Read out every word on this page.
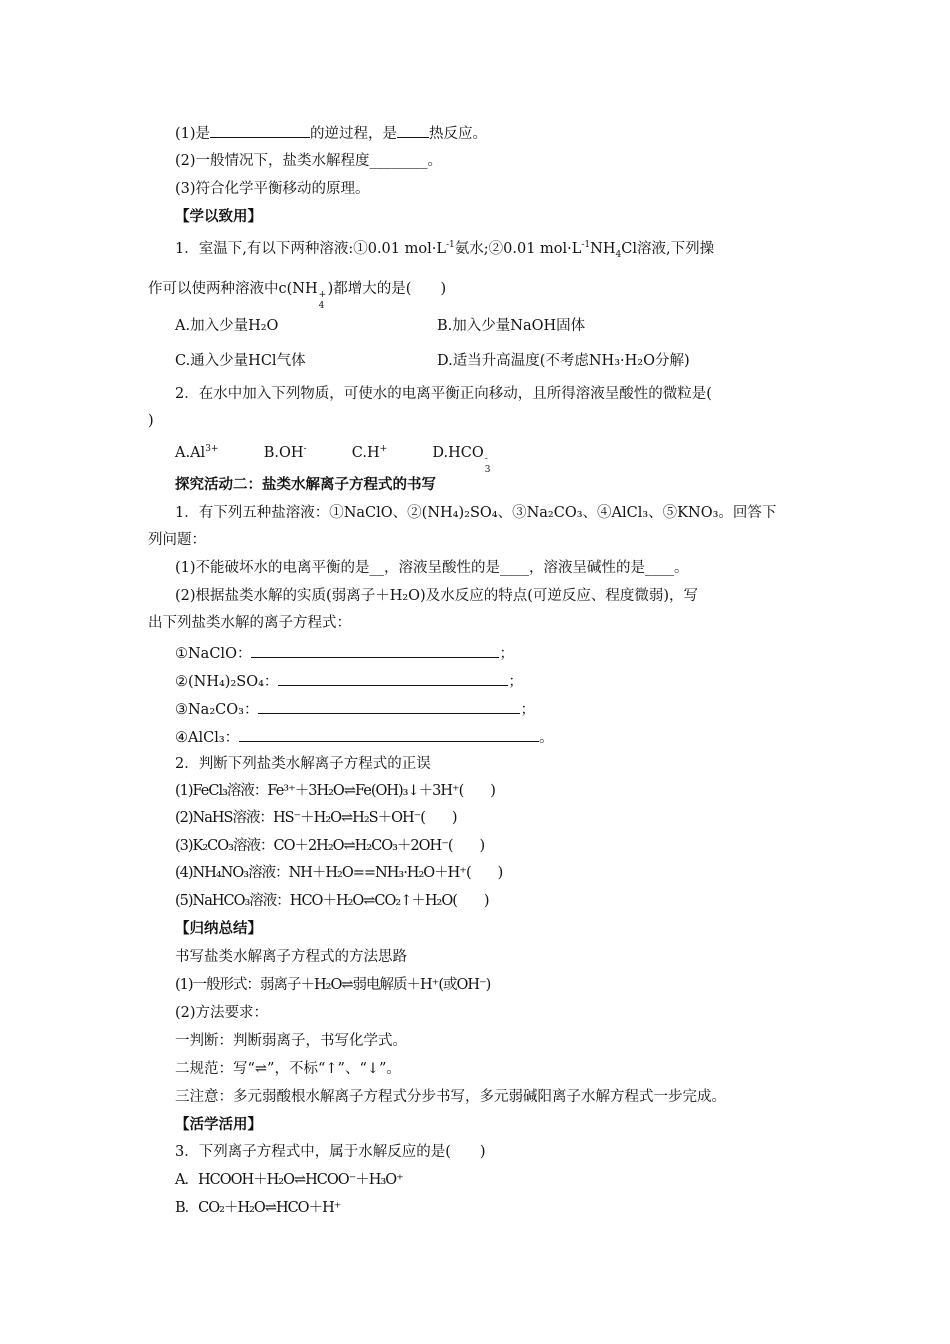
(1)是	的逆过程，是 热反应。
(2)一般情况下，盐类水解程度________。
(3)符合化学平衡移动的原理。
【学以致用】
1．室温下,有以下两种溶液:①0.01 $mol\cdot L^{-1}$氨水;②0.01 $mol\cdot L^{-1}NH_4Cl$溶液,下列操
作可以使两种溶液中c(NH +
4
)都增大的是(　　)
A.加入少量H₂O	B.加入少量NaOH固体
C.通入少量HCl气体	D.适当升高温度(不考虑NH₃·H₂O分解)
2．在水中加入下列物质，可使水的电离平衡正向移动，且所得溶液呈酸性的微粒是(
)
$A.Al^{3+}$	B.OH-	C.H+	D.HCO -
3
探究活动二：盐类水解离子方程式的书写
1．有下列五种盐溶液：①NaClO、②(NH₄)₂SO₄、③Na₂CO₃、④AlCl₃、⑤KNO₃。回答下
列问题：
(1)不能破坏水的电离平衡的是__，溶液呈酸性的是____，溶液呈碱性的是____。
(2)根据盐类水解的实质(弱离子＋H₂O)及水反应的特点(可逆反应、程度微弱)，写
出下列盐类水解的离子方程式：
①NaClO：	；
②(NH₄)₂SO₄：	；
③Na₂CO₃：	；
④AlCl₃：	。
2．判断下列盐类水解离子方程式的正误
(1)FeCl₃溶液：Fe³⁺＋3H₂O⇌Fe(OH)₃↓＋3H⁺(　　)
(2)NaHS溶液：HS⁻＋H₂O⇌H₂S＋OH⁻(　　)
(3)K₂CO₃溶液：CO＋2H₂O⇌H₂CO₃＋2OH⁻(　　)
(4)NH₄NO₃溶液：NH＋H₂O==NH₃·H₂O＋H⁺(　　)
(5)NaHCO₃溶液：HCO＋H₂O⇌CO₂↑＋H₂O(　　)
【归纳总结】
书写盐类水解离子方程式的方法思路
(1)一般形式：弱离子＋H₂O⇌弱电解质＋H⁺(或OH⁻)
(2)方法要求：
一判断：判断弱离子，书写化学式。
二规范：写“⇌”，不标“↑”、“↓”。
三注意：多元弱酸根水解离子方程式分步书写，多元弱碱阳离子水解方程式一步完成。
【活学活用】
3．下列离子方程式中，属于水解反应的是(　　)
A．HCOOH＋H₂O⇌HCOO⁻＋H₃O⁺
B．CO₂＋H₂O⇌HCO＋H⁺
